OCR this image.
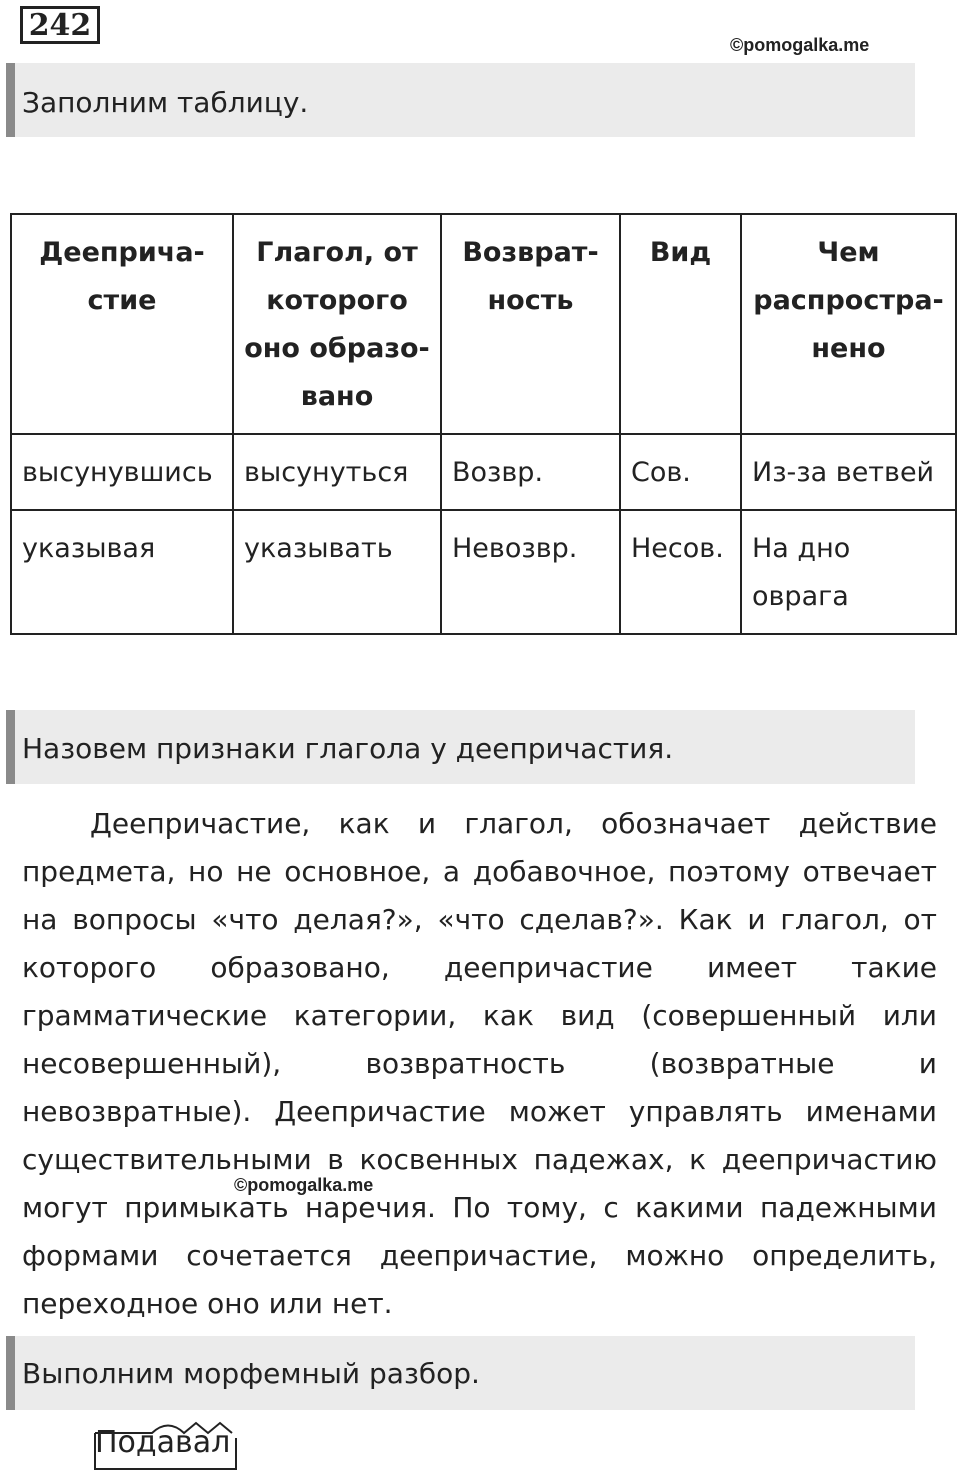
242
©pomogalka.me
Заполним таблицу.
Дееприча-стие	Глагол, от которого оно образо-вано	Возврат-ность	Вид	Чем распростра-нено
высунувшись	высунуться	Возвр.	Сов.	Из-за ветвей
указывая	указывать	Невозвр.	Несов.	На дно оврага
Назовем признаки глагола у деепричастия.

Деепричастие, как и глагол, обозначает действие предмета, но не основное, а добавочное, поэтому отвечает на вопросы «что делая?», «что сделав?». Как и глагол, от которого образовано, деепричастие имеет такие грамматические категории, как вид (совершенный или несовершенный), возвратность (возвратные и невозвратные). Деепричастие может управлять именами существительными в косвенных падежах, к деепричастию могут примыкать наречия. По тому, с какими падежными формами сочетается деепричастие, можно определить, переходное оно или нет.

©pomogalka.me
Выполним морфемный разбор.
Подавал
